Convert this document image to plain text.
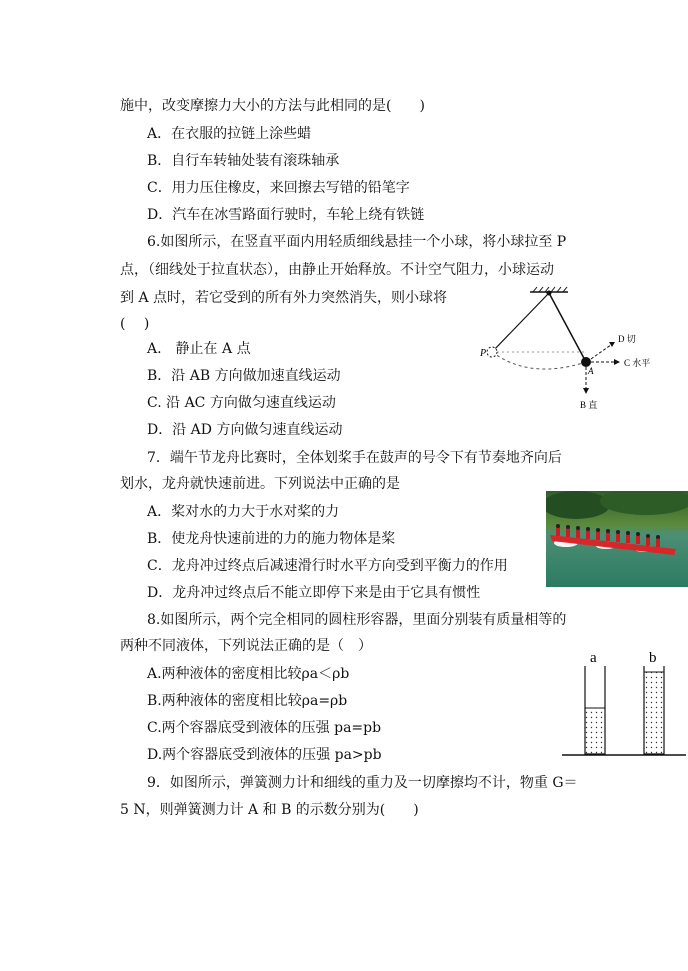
施中，改变摩擦力大小的方法与此相同的是(　　)
A．在衣服的拉链上涂些蜡
B．自行车转轴处装有滚珠轴承
C．用力压住橡皮，来回擦去写错的铅笔字
D．汽车在冰雪路面行驶时，车轮上绕有铁链
6.如图所示，在竖直平面内用轻质细线悬挂一个小球，将小球拉至 P
点，（细线处于拉直状态），由静止开始释放。不计空气阻力，小球运动
到 A 点时，若它受到的所有外力突然消失，则小球将
(　 )
A.　静止在 A 点
B．沿 AB 方向做加速直线运动
C. 沿 AC 方向做匀速直线运动
D．沿 AD 方向做匀速直线运动
P
A
D 切
C 水平
B 直
7．端午节龙舟比赛时，全体划桨手在鼓声的号令下有节奏地齐向后
划水，龙舟就快速前进。下列说法中正确的是
A．桨对水的力大于水对桨的力
B．使龙舟快速前进的力的施力物体是桨
C．龙舟冲过终点后减速滑行时水平方向受到平衡力的作用
D．龙舟冲过终点后不能立即停下来是由于它具有惯性
8.如图所示，两个完全相同的圆柱形容器，里面分别装有质量相等的
两种不同液体，下列说法正确的是（　）
A.两种液体的密度相比较ρa＜ρb
B.两种液体的密度相比较ρa=ρb
C.两个容器底受到液体的压强 pa=pb
D.两个容器底受到液体的压强 pa>pb
a	b
9．如图所示，弹簧测力计和细线的重力及一切摩擦均不计，物重 G＝
5 N，则弹簧测力计 A 和 B 的示数分别为(　　)
